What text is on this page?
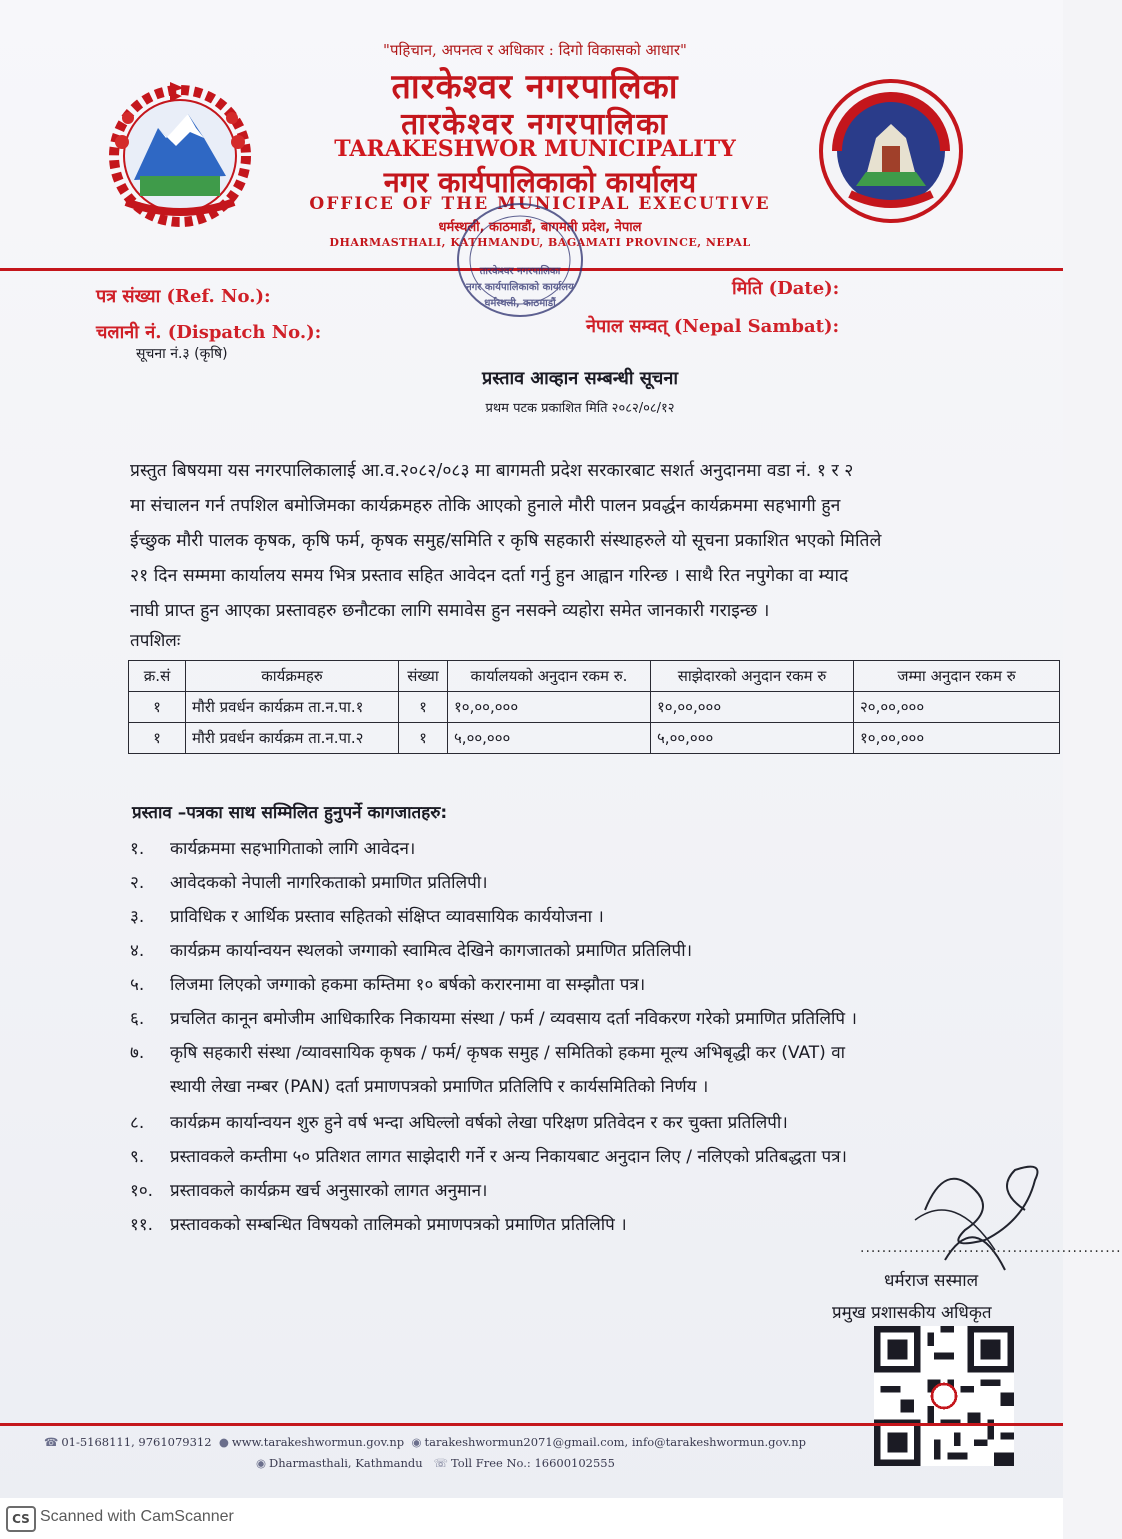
"पहिचान, अपनत्व र अधिकार : दिगो विकासको आधार"
तारकेश्वर नगरपालिका
तारकेश्वर नगरपालिका
TARAKESHWOR MUNICIPALITY
नगर कार्यपालिकाको कार्यालय
OFFICE OF THE MUNICIPAL EXECUTIVE
धर्मस्थली, काठमाडौं, बागमती प्रदेश, नेपाल
DHARMASTHALI, KATHMANDU, BAGAMATI PROVINCE, NEPAL
तारकेश्वर नगरपालिका
नगर कार्यपालिकाको कार्यालय
धर्मस्थली, काठमाडौं
पत्र संख्या (Ref. No.):
चलानी नं. (Dispatch No.):
सूचना नं.३ (कृषि)
मिति (Date):
नेपाल सम्वत् (Nepal Sambat):
प्रस्ताव आव्हान सम्बन्धी सूचना
प्रथम पटक प्रकाशित मिति २०८२/०८/१२
प्रस्तुत बिषयमा यस नगरपालिकालाई आ.व.२०८२/०८३ मा बागमती प्रदेश सरकारबाट सशर्त अनुदानमा वडा नं. १ र २
मा संचालन गर्न तपशिल बमोजिमका कार्यक्रमहरु तोकि आएको हुनाले मौरी पालन प्रवर्द्धन कार्यक्रममा सहभागी हुन
ईच्छुक मौरी पालक कृषक, कृषि फर्म, कृषक समुह/समिति र कृषि सहकारी संस्थाहरुले यो सूचना प्रकाशित भएको मितिले
२१ दिन सम्ममा कार्यालय समय भित्र प्रस्ताव सहित आवेदन दर्ता गर्नु हुन आह्वान गरिन्छ । साथै रित नपुगेका वा म्याद
नाघी प्राप्त हुन आएका प्रस्तावहरु छनौटका लागि समावेस हुन नसक्ने व्यहोरा समेत जानकारी गराइन्छ ।
तपशिलः
क्र.सं	कार्यक्रमहरु	संख्या	कार्यालयको अनुदान रकम रु.	साझेदारको अनुदान रकम रु	जम्मा अनुदान रकम रु
१	मौरी प्रवर्धन कार्यक्रम ता.न.पा.१	१	१०,००,०००	१०,००,०००	२०,००,०००
१	मौरी प्रवर्धन कार्यक्रम ता.न.पा.२	१	५,००,०००	५,००,०००	१०,००,०००
प्रस्ताव –पत्रका साथ सम्मिलित हुनुपर्ने कागजातहरु:
१.	कार्यक्रममा सहभागिताको लागि आवेदन।
२.	आवेदकको नेपाली नागरिकताको प्रमाणित प्रतिलिपी।
३.	प्राविधिक र आर्थिक प्रस्ताव सहितको संक्षिप्त व्यावसायिक कार्ययोजना ।
४.	कार्यक्रम कार्यान्वयन स्थलको जग्गाको स्वामित्व देखिने कागजातको प्रमाणित प्रतिलिपी।
५.	लिजमा लिएको जग्गाको हकमा कम्तिमा १० बर्षको करारनामा वा सम्झौता पत्र।
६.	प्रचलित कानून बमोजीम आधिकारिक निकायमा संस्था / फर्म / व्यवसाय दर्ता नविकरण गरेको प्रमाणित प्रतिलिपि ।
७.	कृषि सहकारी संस्था /व्यावसायिक कृषक / फर्म/ कृषक समुह / समितिको हकमा मूल्य अभिबृद्धी कर (VAT) वा
स्थायी लेखा नम्बर (PAN) दर्ता प्रमाणपत्रको प्रमाणित प्रतिलिपि र कार्यसमितिको निर्णय ।
८.	कार्यक्रम कार्यान्वयन शुरु हुने वर्ष भन्दा अघिल्लो वर्षको लेखा परिक्षण प्रतिवेदन र कर चुक्ता प्रतिलिपी।
९.	प्रस्तावकले कम्तीमा ५० प्रतिशत लागत साझेदारी गर्ने र अन्य निकायबाट अनुदान लिए / नलिएको प्रतिबद्धता पत्र।
१०. प्रस्तावकले कार्यक्रम खर्च अनुसारको लागत अनुमान।
११. प्रस्तावकको सम्बन्धित विषयको तालिमको प्रमाणपत्रको प्रमाणित प्रतिलिपि ।
................................................
धर्मराज सस्माल
प्रमुख प्रशासकीय अधिकृत
☎ 01-5168111, 9761079312 ● www.tarakeshwormun.gov.np ◉ tarakeshwormun2071@gmail.com, info@tarakeshwormun.gov.np
◉ Dharmasthali, Kathmandu ☏ Toll Free No.: 16600102555
CS Scanned with CamScanner
